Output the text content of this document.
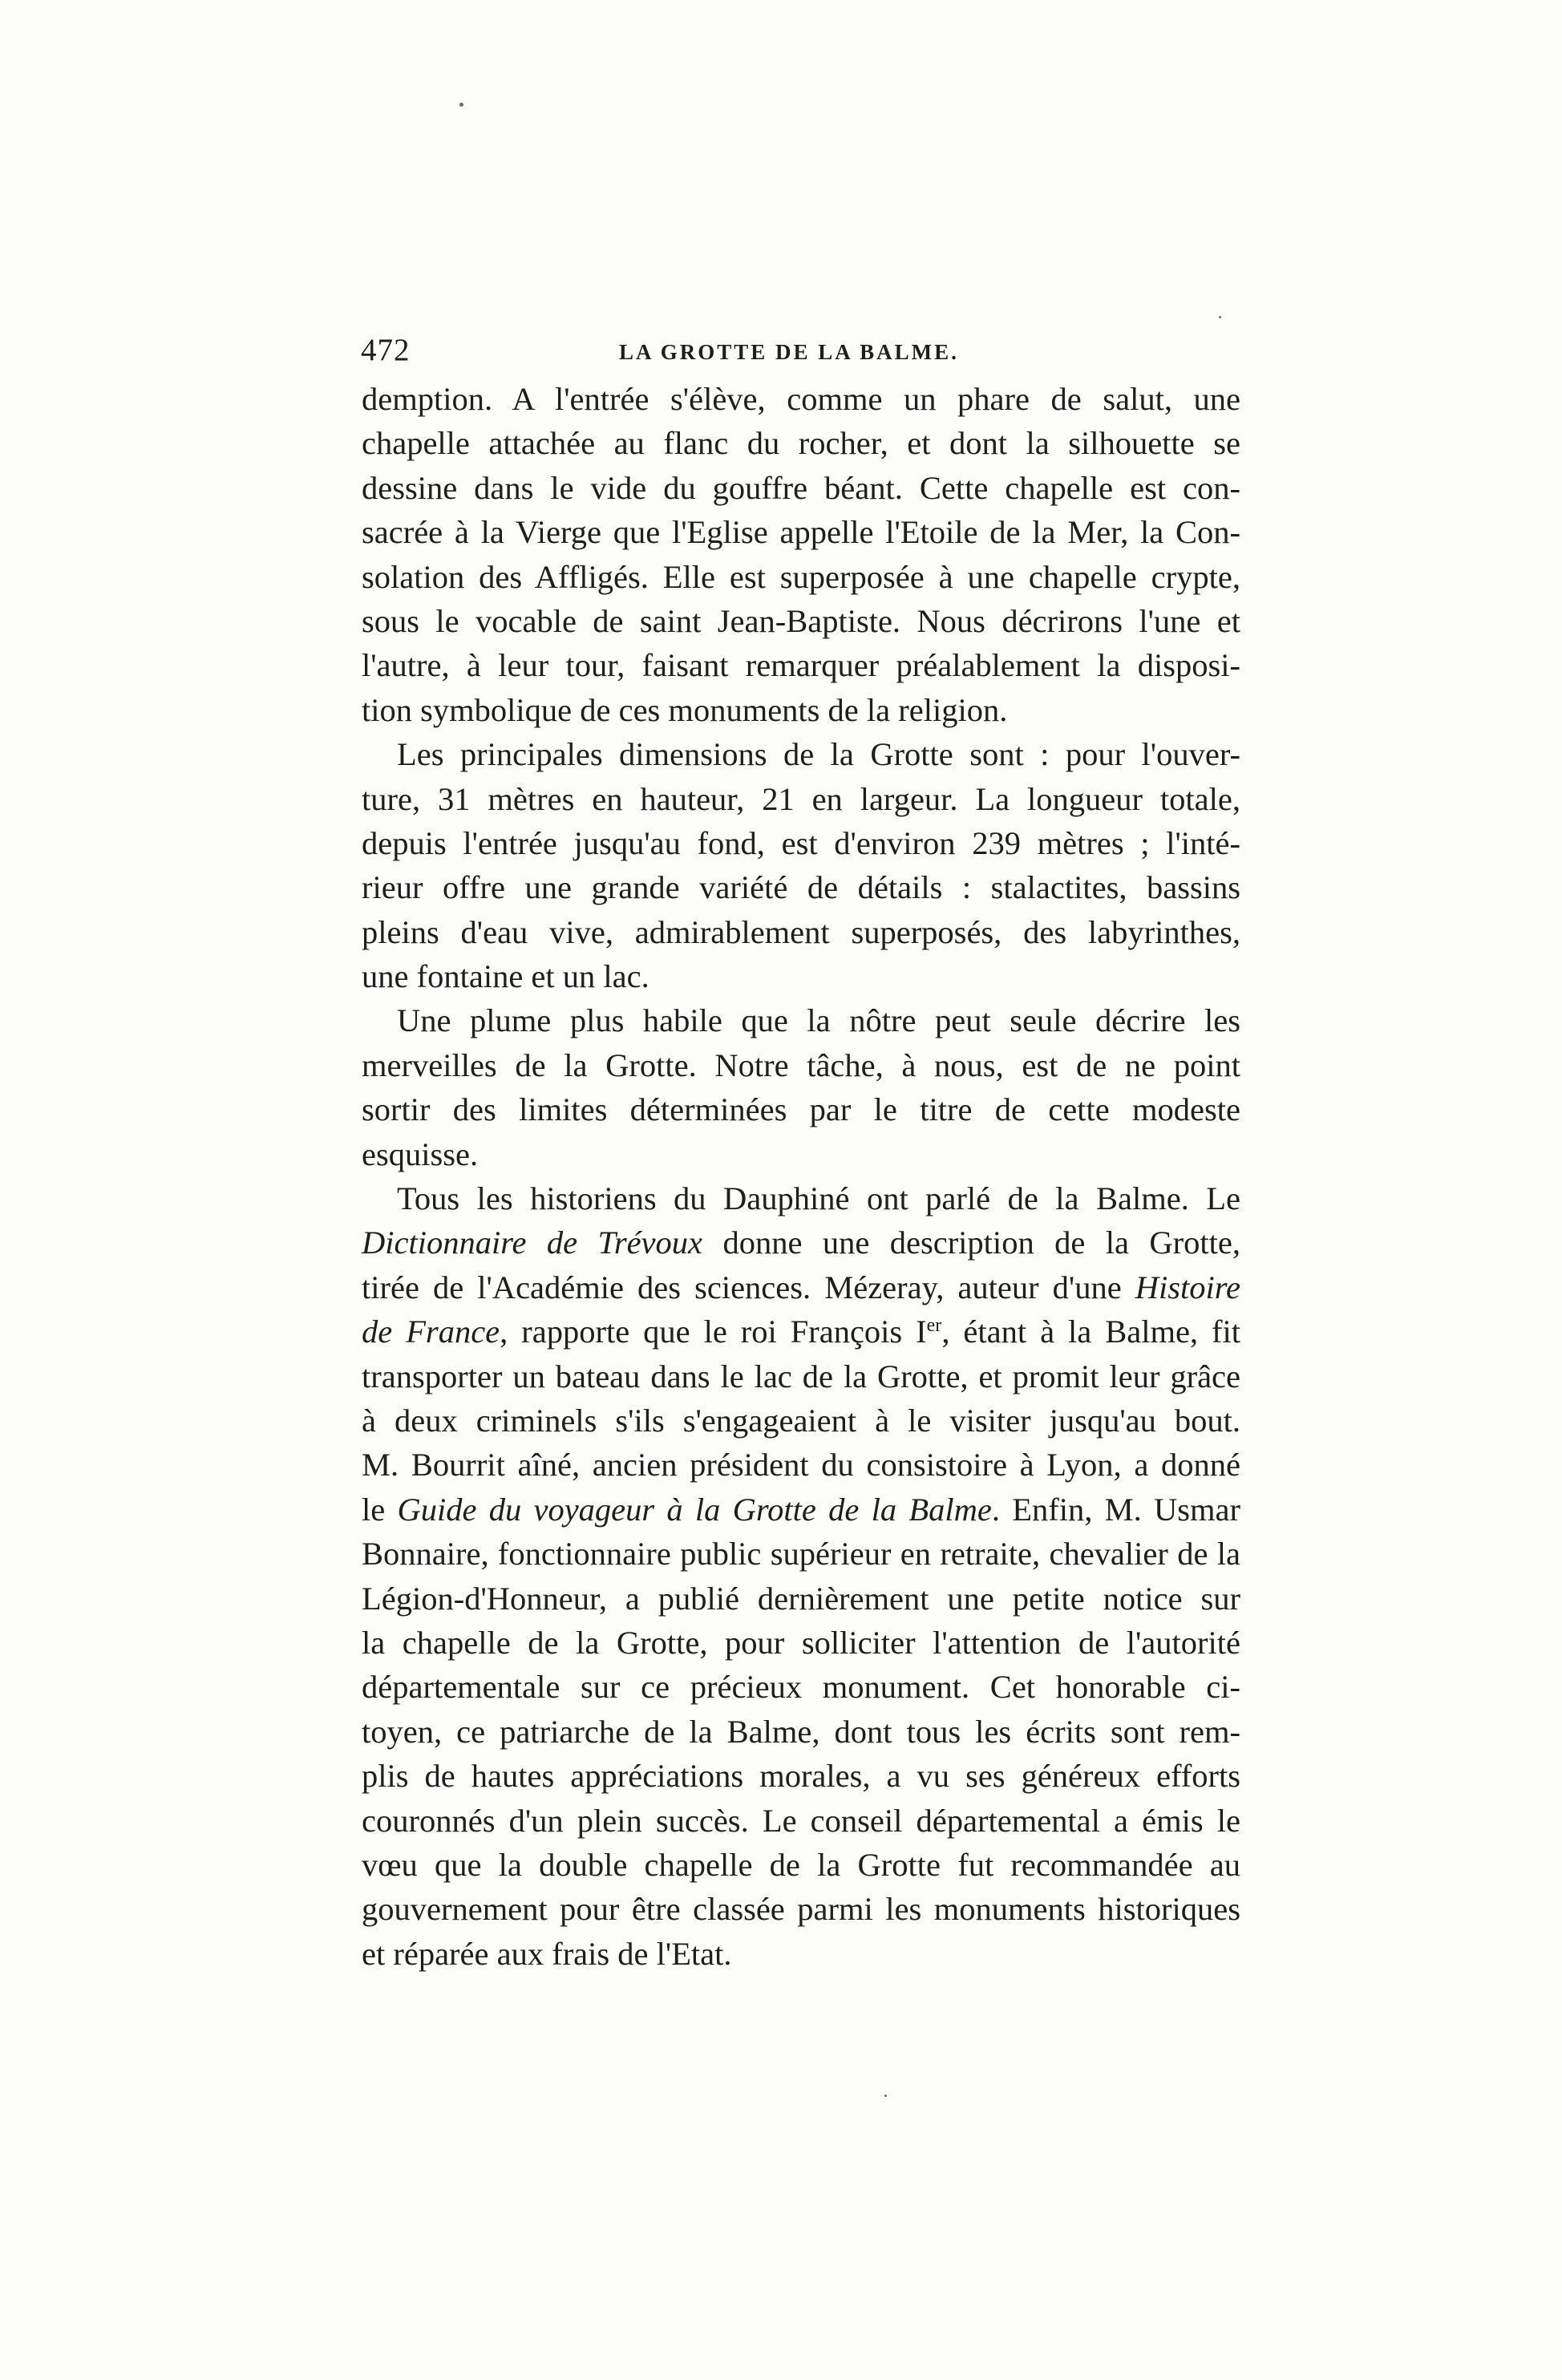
472	LA GROTTE DE LA BALME.
demption. A l'entrée s'élève, comme un phare de salut, une
chapelle attachée au flanc du rocher, et dont la silhouette se
dessine dans le vide du gouffre béant. Cette chapelle est con-
sacrée à la Vierge que l'Eglise appelle l'Etoile de la Mer, la Con-
solation des Affligés. Elle est superposée à une chapelle crypte,
sous le vocable de saint Jean-Baptiste. Nous décrirons l'une et
l'autre, à leur tour, faisant remarquer préalablement la disposi-
tion symbolique de ces monuments de la religion.
Les principales dimensions de la Grotte sont : pour l'ouver-
ture, 31 mètres en hauteur, 21 en largeur. La longueur totale,
depuis l'entrée jusqu'au fond, est d'environ 239 mètres ; l'inté-
rieur offre une grande variété de détails : stalactites, bassins
pleins d'eau vive, admirablement superposés, des labyrinthes,
une fontaine et un lac.
Une plume plus habile que la nôtre peut seule décrire les
merveilles de la Grotte. Notre tâche, à nous, est de ne point
sortir des limites déterminées par le titre de cette modeste
esquisse.
Tous les historiens du Dauphiné ont parlé de la Balme. Le
Dictionnaire de Trévoux donne une description de la Grotte,
tirée de l'Académie des sciences. Mézeray, auteur d'une Histoire
de France, rapporte que le roi François Ier, étant à la Balme, fit
transporter un bateau dans le lac de la Grotte, et promit leur grâce
à deux criminels s'ils s'engageaient à le visiter jusqu'au bout.
M. Bourrit aîné, ancien président du consistoire à Lyon, a donné
le Guide du voyageur à la Grotte de la Balme. Enfin, M. Usmar
Bonnaire, fonctionnaire public supérieur en retraite, chevalier de la
Légion-d'Honneur, a publié dernièrement une petite notice sur
la chapelle de la Grotte, pour solliciter l'attention de l'autorité
départementale sur ce précieux monument. Cet honorable ci-
toyen, ce patriarche de la Balme, dont tous les écrits sont rem-
plis de hautes appréciations morales, a vu ses généreux efforts
couronnés d'un plein succès. Le conseil départemental a émis le
vœu que la double chapelle de la Grotte fut recommandée au
gouvernement pour être classée parmi les monuments historiques
et réparée aux frais de l'Etat.
